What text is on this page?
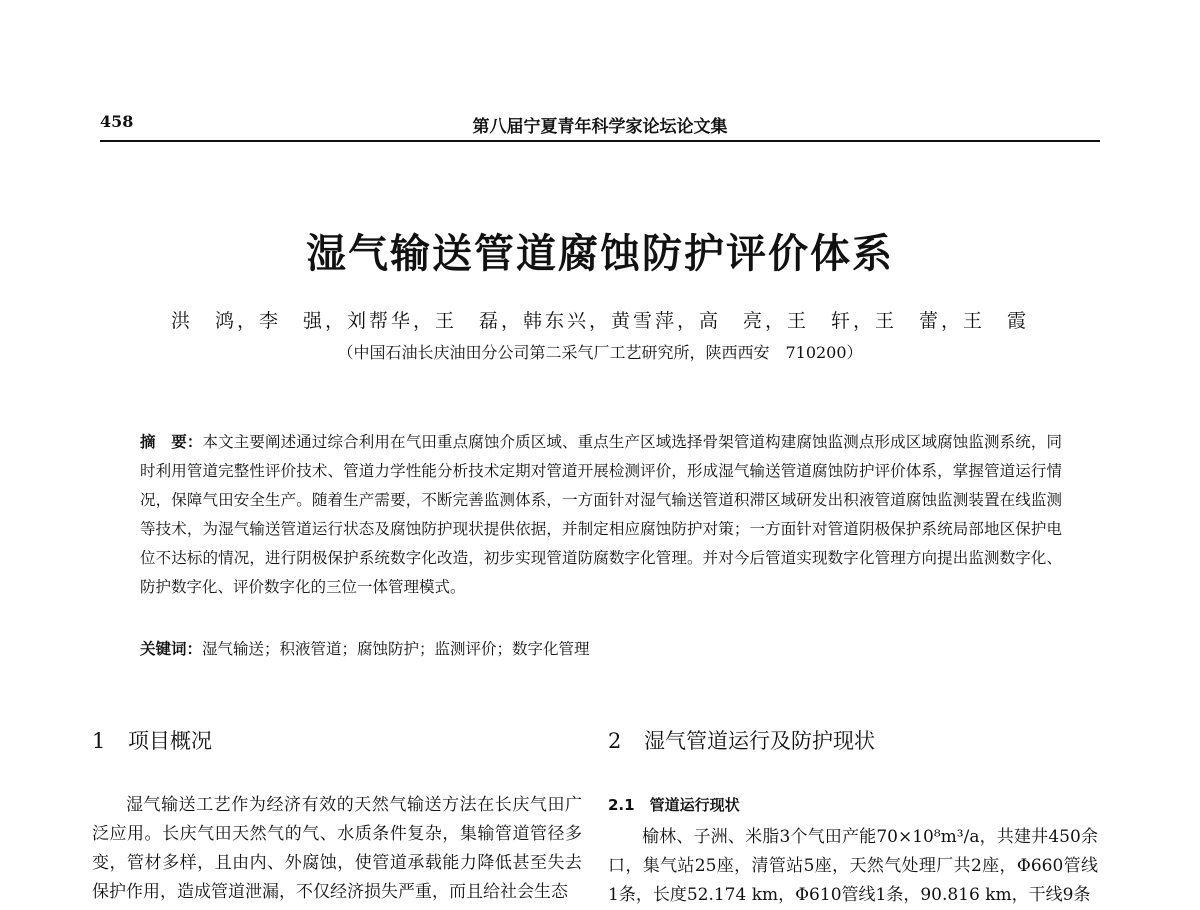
458	第八届宁夏青年科学家论坛论文集
湿气输送管道腐蚀防护评价体系
洪　鸿，李　强，刘帮华，王　磊，韩东兴，黄雪萍，高　亮，王　轩，王　蕾，王　霞
（中国石油长庆油田分公司第二采气厂工艺研究所，陕西西安　710200）
摘　要：本文主要阐述通过综合利用在气田重点腐蚀介质区域、重点生产区域选择骨架管道构建腐蚀监测点形成区域腐蚀监测系统，同时利用管道完整性评价技术、管道力学性能分析技术定期对管道开展检测评价，形成湿气输送管道腐蚀防护评价体系，掌握管道运行情况，保障气田安全生产。随着生产需要，不断完善监测体系，一方面针对湿气输送管道积滞区域研发出积液管道腐蚀监测装置在线监测等技术，为湿气输送管道运行状态及腐蚀防护现状提供依据，并制定相应腐蚀防护对策；一方面针对管道阴极保护系统局部地区保护电位不达标的情况，进行阴极保护系统数字化改造，初步实现管道防腐数字化管理。并对今后管道实现数字化管理方向提出监测数字化、防护数字化、评价数字化的三位一体管理模式。
关键词：湿气输送；积液管道；腐蚀防护；监测评价；数字化管理
1 项目概况

湿气输送工艺作为经济有效的天然气输送方法在长庆气田广泛应用。长庆气田天然气的气、水质条件复杂，集输管道管径多变，管材多样，且由内、外腐蚀，使管道承载能力降低甚至失去保护作用，造成管道泄漏，不仅经济损失严重，而且给社会生态

2 湿气管道运行及防护现状
2.1　 管道运行现状

榆林、子洲、米脂3个气田产能70×10⁸m³/a，共建井450余口，集气站25座，清管站5座，天然气处理厂共2座，Φ660管线1条，长度52.174 km，Φ610管线1条，90.816 km，干线9条
